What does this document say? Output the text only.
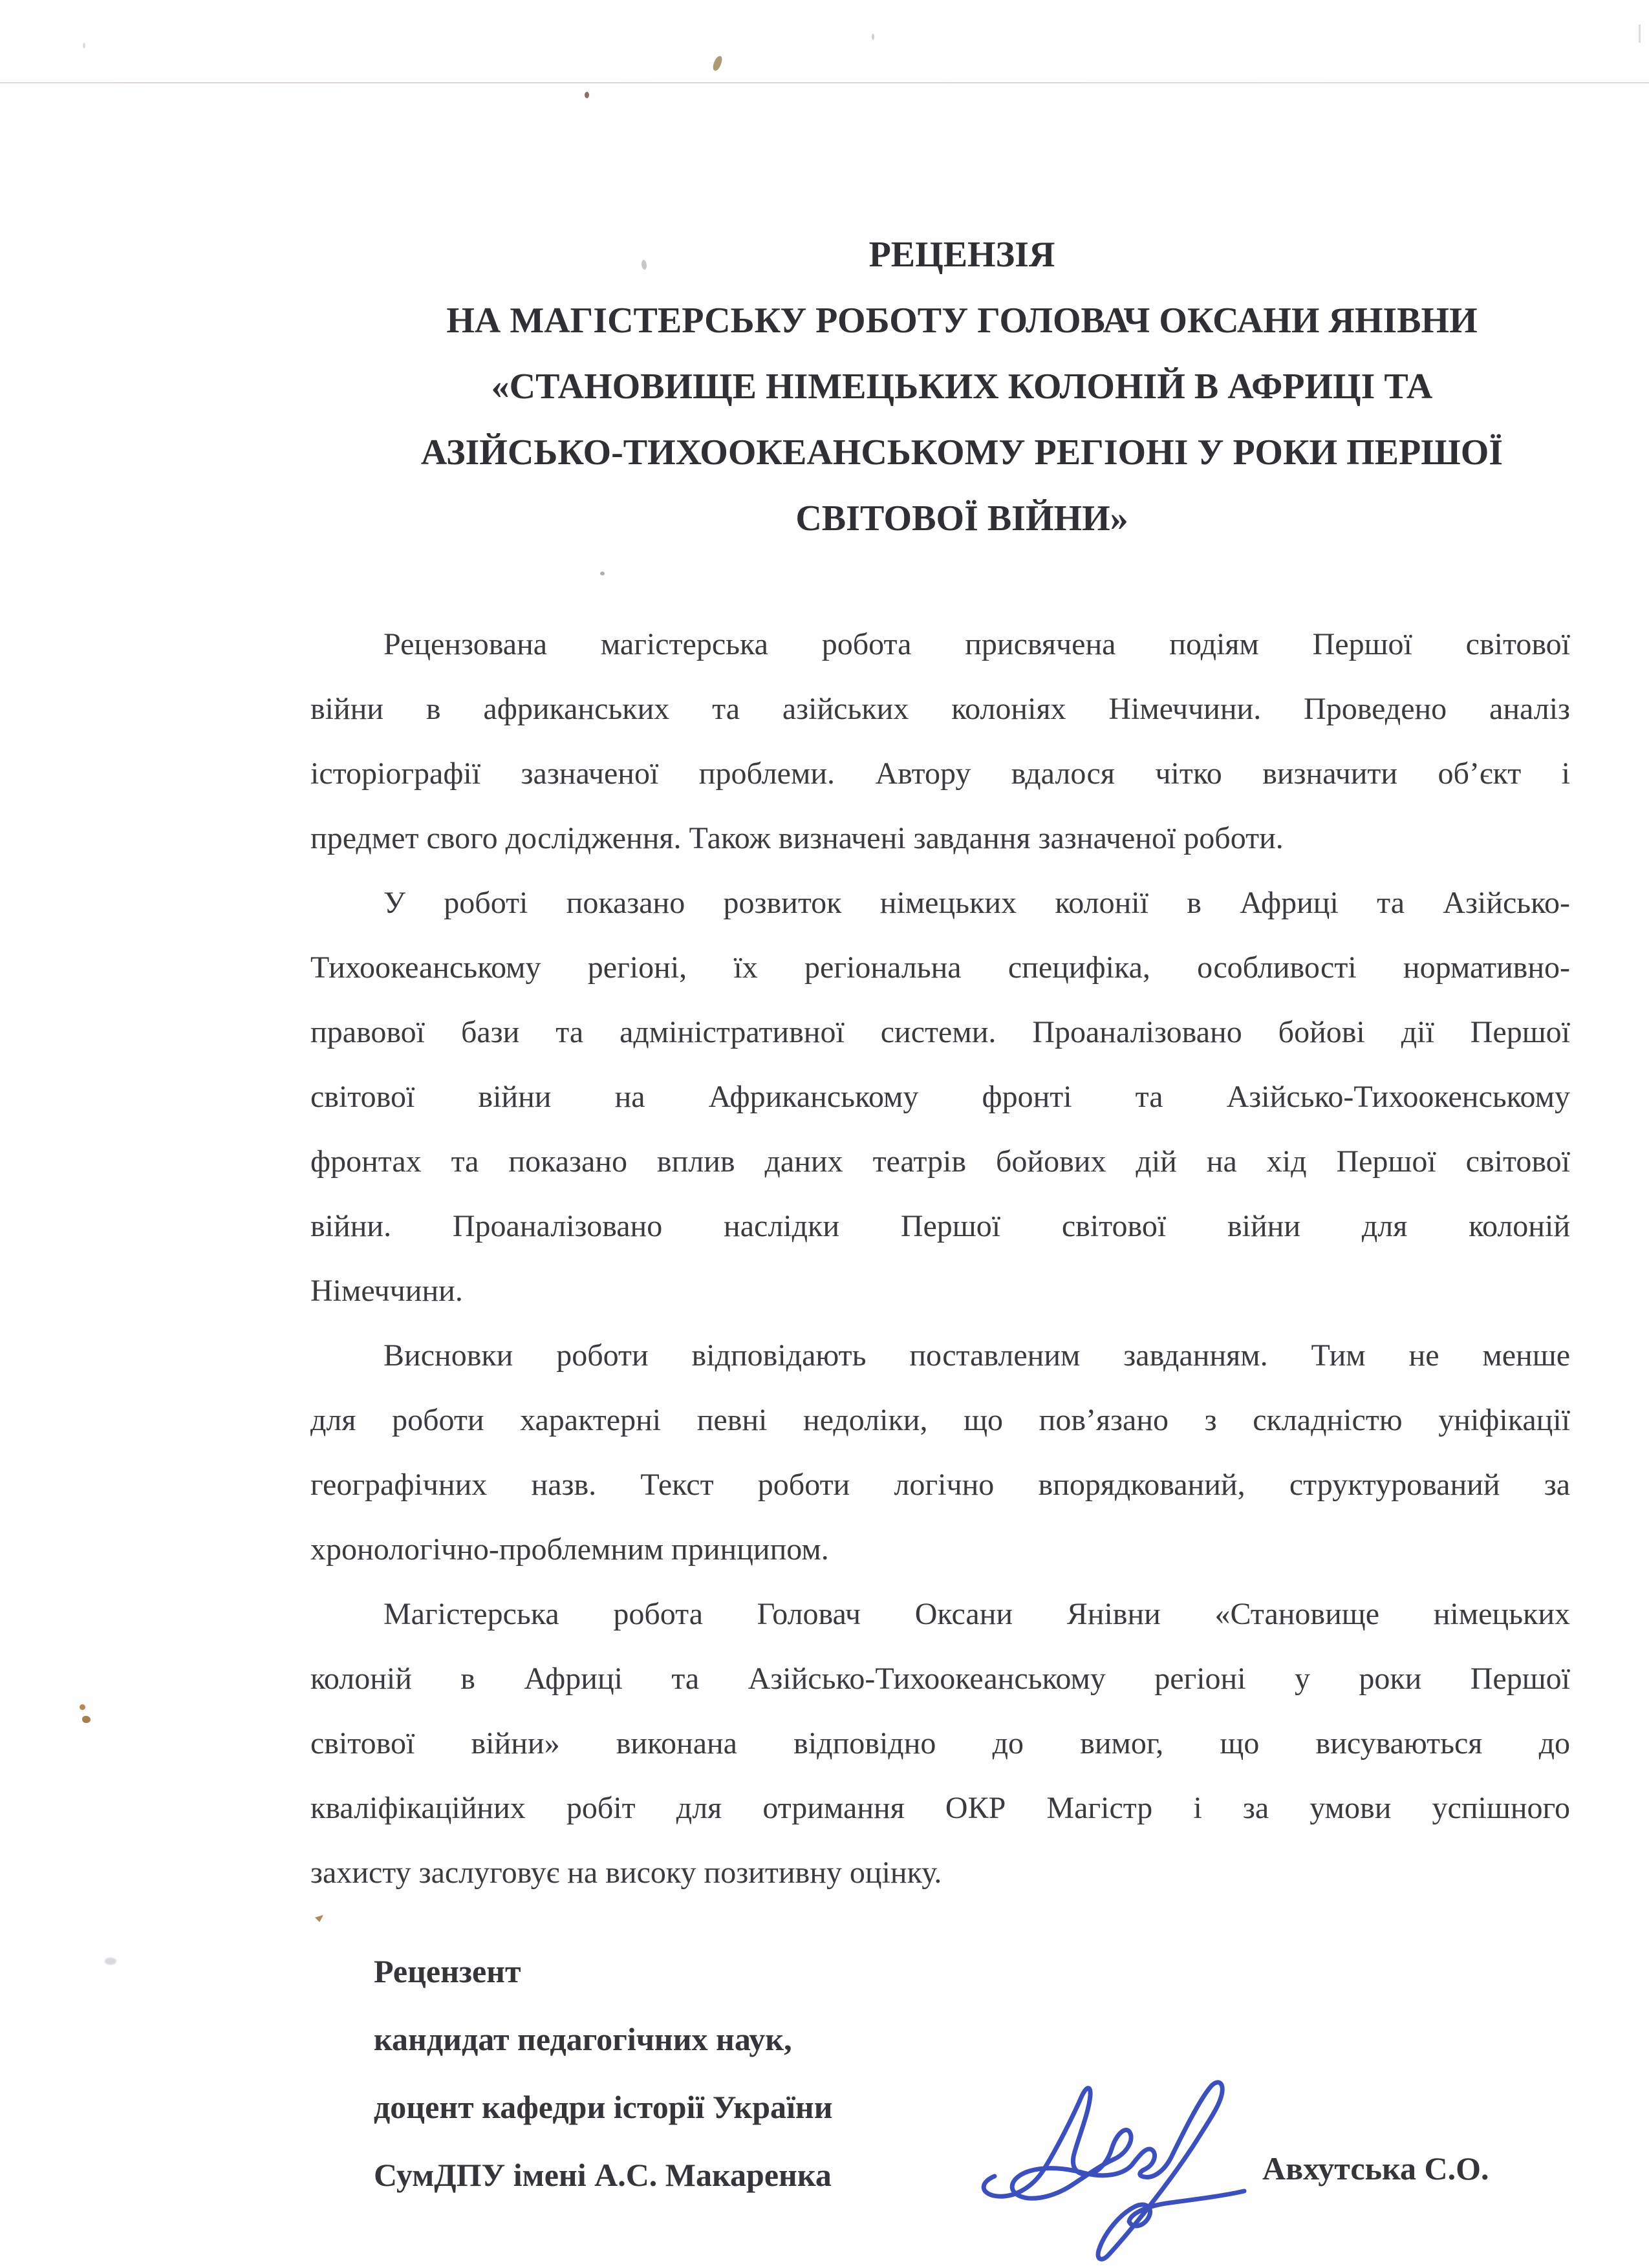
РЕЦЕНЗІЯ
НА МАГІСТЕРСЬКУ РОБОТУ ГОЛОВАЧ ОКСАНИ ЯНІВНИ
«СТАНОВИЩЕ НІМЕЦЬКИХ КОЛОНІЙ В АФРИЦІ ТА
АЗІЙСЬКО-ТИХООКЕАНСЬКОМУ РЕГІОНІ У РОКИ ПЕРШОЇ
СВІТОВОЇ ВІЙНИ»
Рецензована магістерська робота присвячена подіям Першої світової
війни в африканських та азійських колоніях Німеччини. Проведено аналіз
історіографії зазначеної проблеми. Автору вдалося чітко визначити об’єкт і
предмет свого дослідження. Також визначені завдання зазначеної роботи.
У роботі показано розвиток німецьких колонії в Африці та Азійсько-
Тихоокеанському регіоні, їх регіональна специфіка, особливості нормативно-
правової бази та адміністративної системи. Проаналізовано бойові дії Першої
світової війни на Африканському фронті та Азійсько-Тихоокенському
фронтах та показано вплив даних театрів бойових дій на хід Першої світової
війни. Проаналізовано наслідки Першої світової війни для колоній
Німеччини.
Висновки роботи відповідають поставленим завданням. Тим не менше
для роботи характерні певні недоліки, що пов’язано з складністю уніфікації
географічних назв. Текст роботи логічно впорядкований, структурований за
хронологічно-проблемним принципом.
Магістерська робота Головач Оксани Янівни «Становище німецьких
колоній в Африці та Азійсько-Тихоокеанському регіоні у роки Першої
світової війни» виконана відповідно до вимог, що висуваються до
кваліфікаційних робіт для отримання ОКР Магістр і за умови успішного
захисту заслуговує на високу позитивну оцінку.
Рецензент
кандидат педагогічних наук,
доцент кафедри історії України
СумДПУ імені А.С. Макаренка	Авхутська С.О.
